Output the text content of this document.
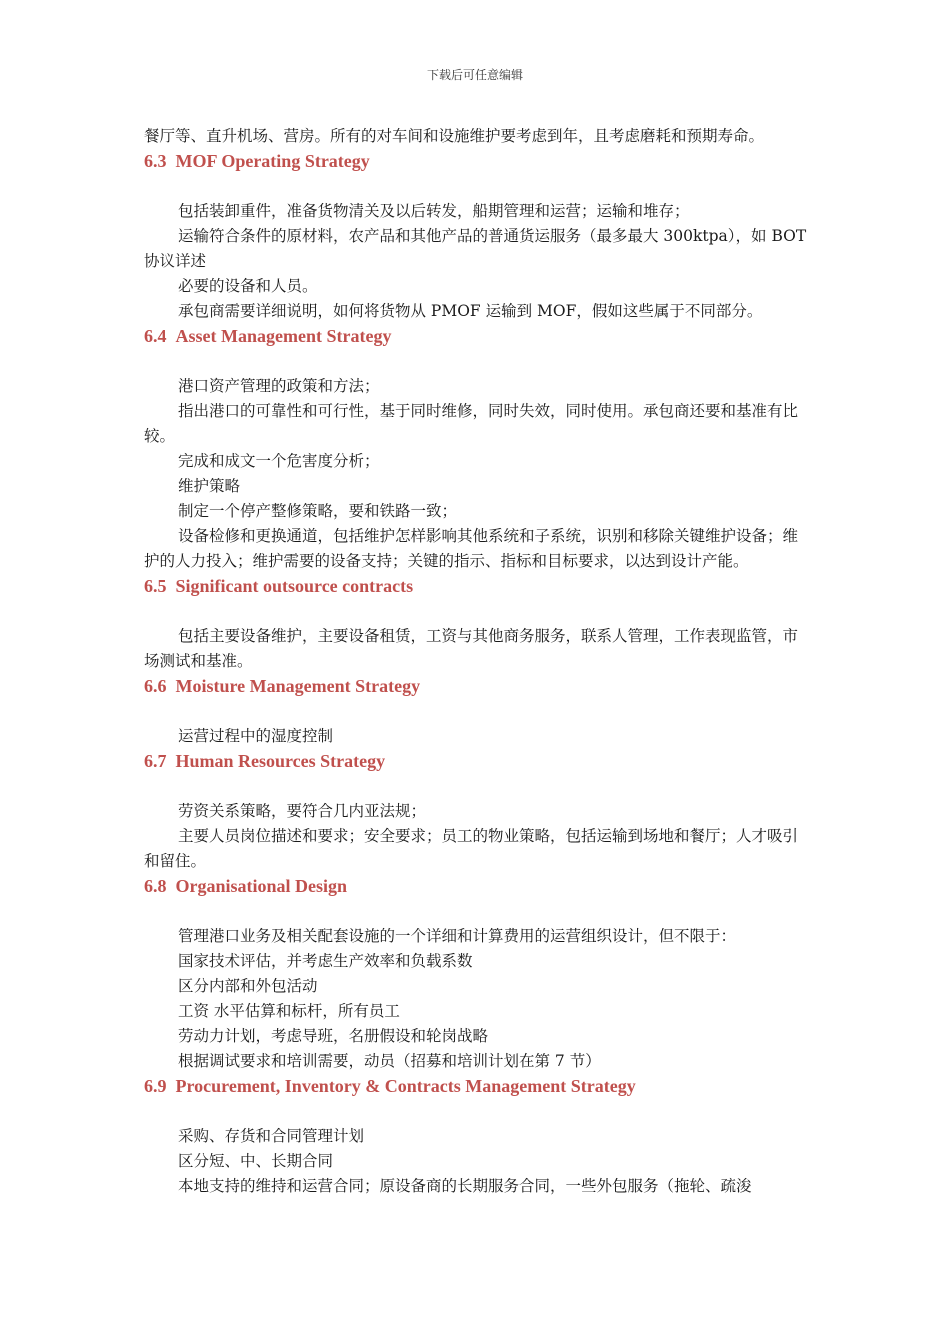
下载后可任意编辑

餐厅等、直升机场、营房。所有的对车间和设施维护要考虑到年，且考虑磨耗和预期寿命。

6.3 MOF Operating Strategy

包括装卸重件，准备货物清关及以后转发，船期管理和运营；运输和堆存；

运输符合条件的原材料，农产品和其他产品的普通货运服务（最多最大 300ktpa），如 BOT 协议详述

必要的设备和人员。

承包商需要详细说明，如何将货物从 PMOF 运输到 MOF，假如这些属于不同部分。

6.4 Asset Management Strategy

港口资产管理的政策和方法；

指出港口的可靠性和可行性，基于同时维修，同时失效，同时使用。承包商还要和基准有比较。

完成和成文一个危害度分析；

维护策略

制定一个停产整修策略，要和铁路一致；

设备检修和更换通道，包括维护怎样影响其他系统和子系统，识别和移除关键维护设备；维护的人力投入；维护需要的设备支持；关键的指示、指标和目标要求，以达到设计产能。

6.5 Significant outsource contracts

包括主要设备维护，主要设备租赁，工资与其他商务服务，联系人管理，工作表现监管，市场测试和基准。

6.6 Moisture Management Strategy

运营过程中的湿度控制

6.7 Human Resources Strategy

劳资关系策略，要符合几内亚法规；

主要人员岗位描述和要求；安全要求；员工的物业策略，包括运输到场地和餐厅；人才吸引和留住。

6.8 Organisational Design

管理港口业务及相关配套设施的一个详细和计算费用的运营组织设计，但不限于：

国家技术评估，并考虑生产效率和负载系数

区分内部和外包活动

工资 水平估算和标杆，所有员工

劳动力计划，考虑导班，名册假设和轮岗战略

根据调试要求和培训需要，动员（招募和培训计划在第 7 节）

6.9 Procurement, Inventory & Contracts Management Strategy

采购、存货和合同管理计划

区分短、中、长期合同

本地支持的维持和运营合同；原设备商的长期服务合同，一些外包服务（拖轮、疏浚
